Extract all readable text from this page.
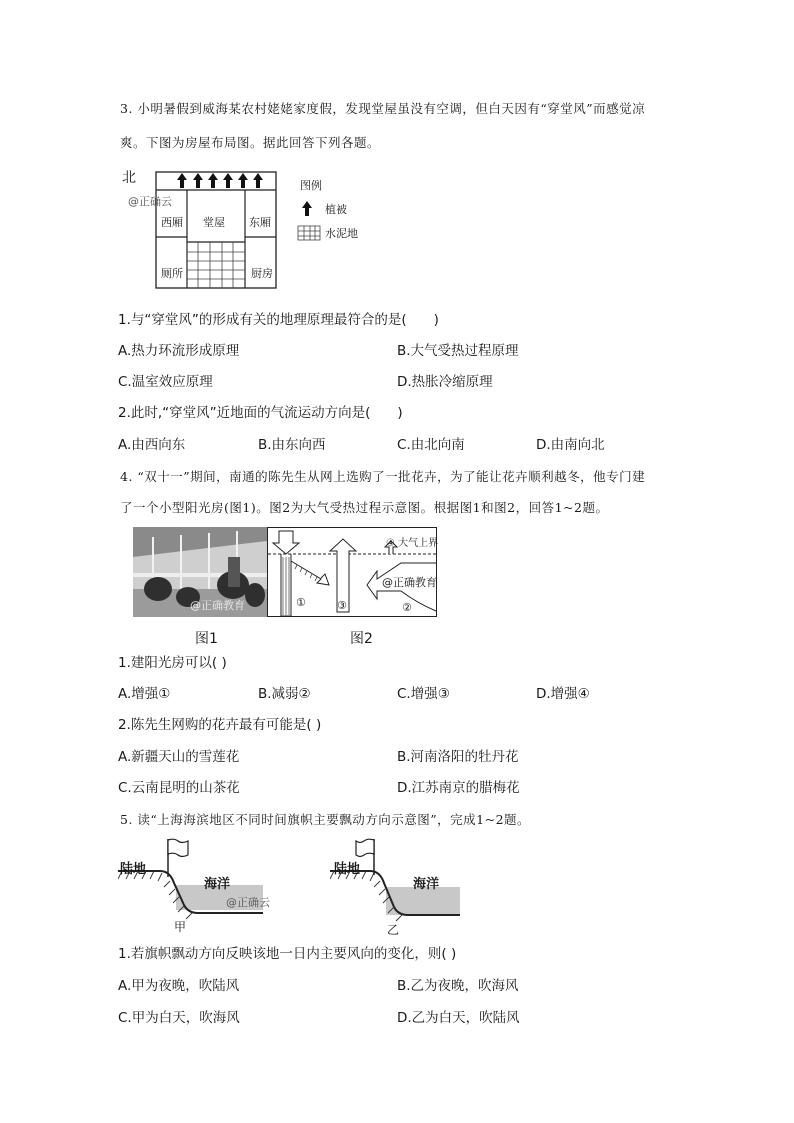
3. 小明暑假到威海某农村姥姥家度假，发现堂屋虽没有空调，但白天因有“穿堂风”而感觉凉
爽。下图为房屋布局图。据此回答下列各题。
北
@正确云
西厢 堂屋 东厢
厕所	厨房
图例
植被
水泥地
1.与“穿堂风”的形成有关的地理原理最符合的是(　　)
A.热力环流形成原理	B.大气受热过程原理
C.温室效应原理	D.热胀冷缩原理
2.此时,“穿堂风”近地面的气流运动方向是(　　)
A.由西向东	B.由东向西	C.由北向南	D.由南向北
4. “双十一”期间，南通的陈先生从网上选购了一批花卉，为了能让花卉顺利越冬，他专门建
了一个小型阳光房(图1)。图2为大气受热过程示意图。根据图1和图2，回答1~2题。
@正确教育
④ 大气上界
@正确教育
①	③	②
图1	图2
1.建阳光房可以( )
A.增强①	B.减弱②	C.增强③	D.增强④
2.陈先生网购的花卉最有可能是( )
A.新疆天山的雪莲花	B.河南洛阳的牡丹花
C.云南昆明的山茶花	D.江苏南京的腊梅花
5. 读“上海海滨地区不同时间旗帜主要飘动方向示意图”，完成1~2题。
陆地
海洋
甲
@正确云
陆地
海洋
乙
1.若旗帜飘动方向反映该地一日内主要风向的变化，则( )
A.甲为夜晚，吹陆风	B.乙为夜晚，吹海风
C.甲为白天，吹海风	D.乙为白天，吹陆风
